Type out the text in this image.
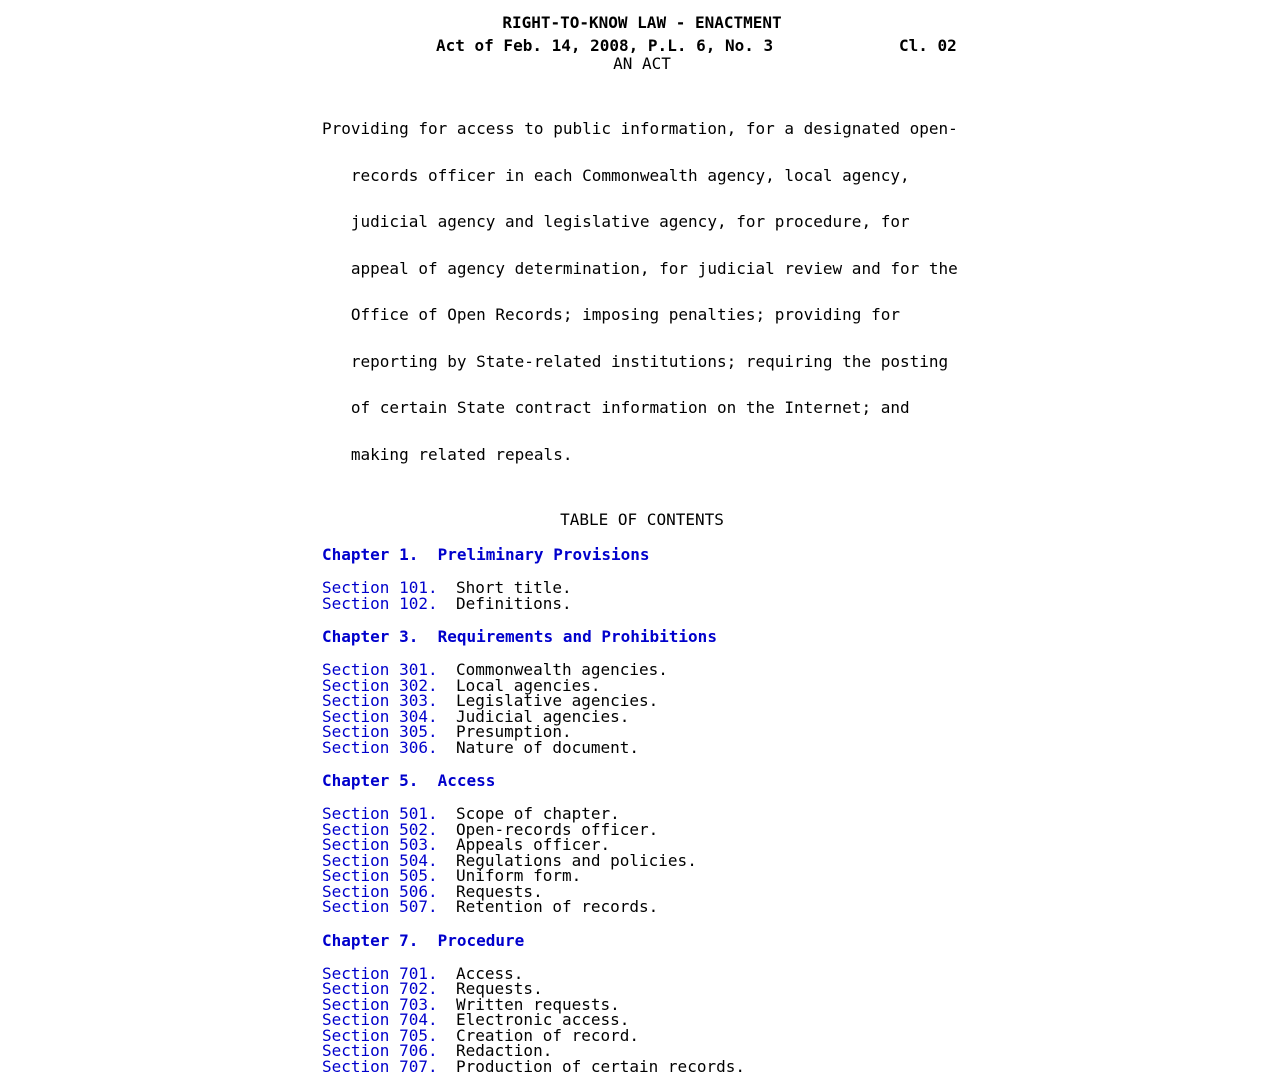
RIGHT-TO-KNOW LAW - ENACTMENT
Act of Feb. 14, 2008, P.L. 6, No. 3	Cl. 02
AN ACT

Providing for access to public information, for a designated open-

records officer in each Commonwealth agency, local agency,

judicial agency and legislative agency, for procedure, for

appeal of agency determination, for judicial review and for the

Office of Open Records; imposing penalties; providing for

reporting by State-related institutions; requiring the posting

of certain State contract information on the Internet; and

making related repeals.

TABLE OF CONTENTS
Chapter 1.  Preliminary Provisions
Section 101. Short title.
Section 102. Definitions.
Chapter 3.  Requirements and Prohibitions
Section 301. Commonwealth agencies.
Section 302. Local agencies.
Section 303. Legislative agencies.
Section 304. Judicial agencies.
Section 305. Presumption.
Section 306. Nature of document.
Chapter 5.  Access
Section 501. Scope of chapter.
Section 502. Open-records officer.
Section 503. Appeals officer.
Section 504. Regulations and policies.
Section 505. Uniform form.
Section 506. Requests.
Section 507. Retention of records.
Chapter 7.  Procedure
Section 701. Access.
Section 702. Requests.
Section 703. Written requests.
Section 704. Electronic access.
Section 705. Creation of record.
Section 706. Redaction.
Section 707. Production of certain records.
